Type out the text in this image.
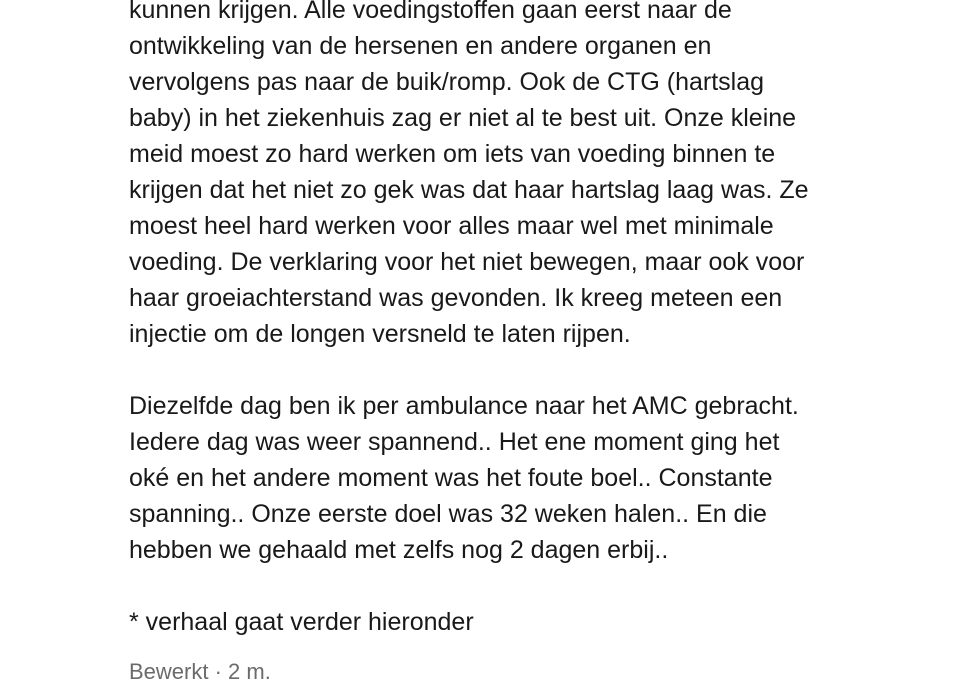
kunnen krijgen. Alle voedingstoffen gaan eerst naar de
ontwikkeling van de hersenen en andere organen en
vervolgens pas naar de buik/romp. Ook de CTG (hartslag
baby) in het ziekenhuis zag er niet al te best uit. Onze kleine
meid moest zo hard werken om iets van voeding binnen te
krijgen dat het niet zo gek was dat haar hartslag laag was. Ze
moest heel hard werken voor alles maar wel met minimale
voeding. De verklaring voor het niet bewegen, maar ook voor
haar groeiachterstand was gevonden. Ik kreeg meteen een
injectie om de longen versneld te laten rijpen.
Diezelfde dag ben ik per ambulance naar het AMC gebracht.
Iedere dag was weer spannend.. Het ene moment ging het
oké en het andere moment was het foute boel.. Constante
spanning.. Onze eerste doel was 32 weken halen.. En die
hebben we gehaald met zelfs nog 2 dagen erbij..
* verhaal gaat verder hieronder
Bewerkt · 2 m.
